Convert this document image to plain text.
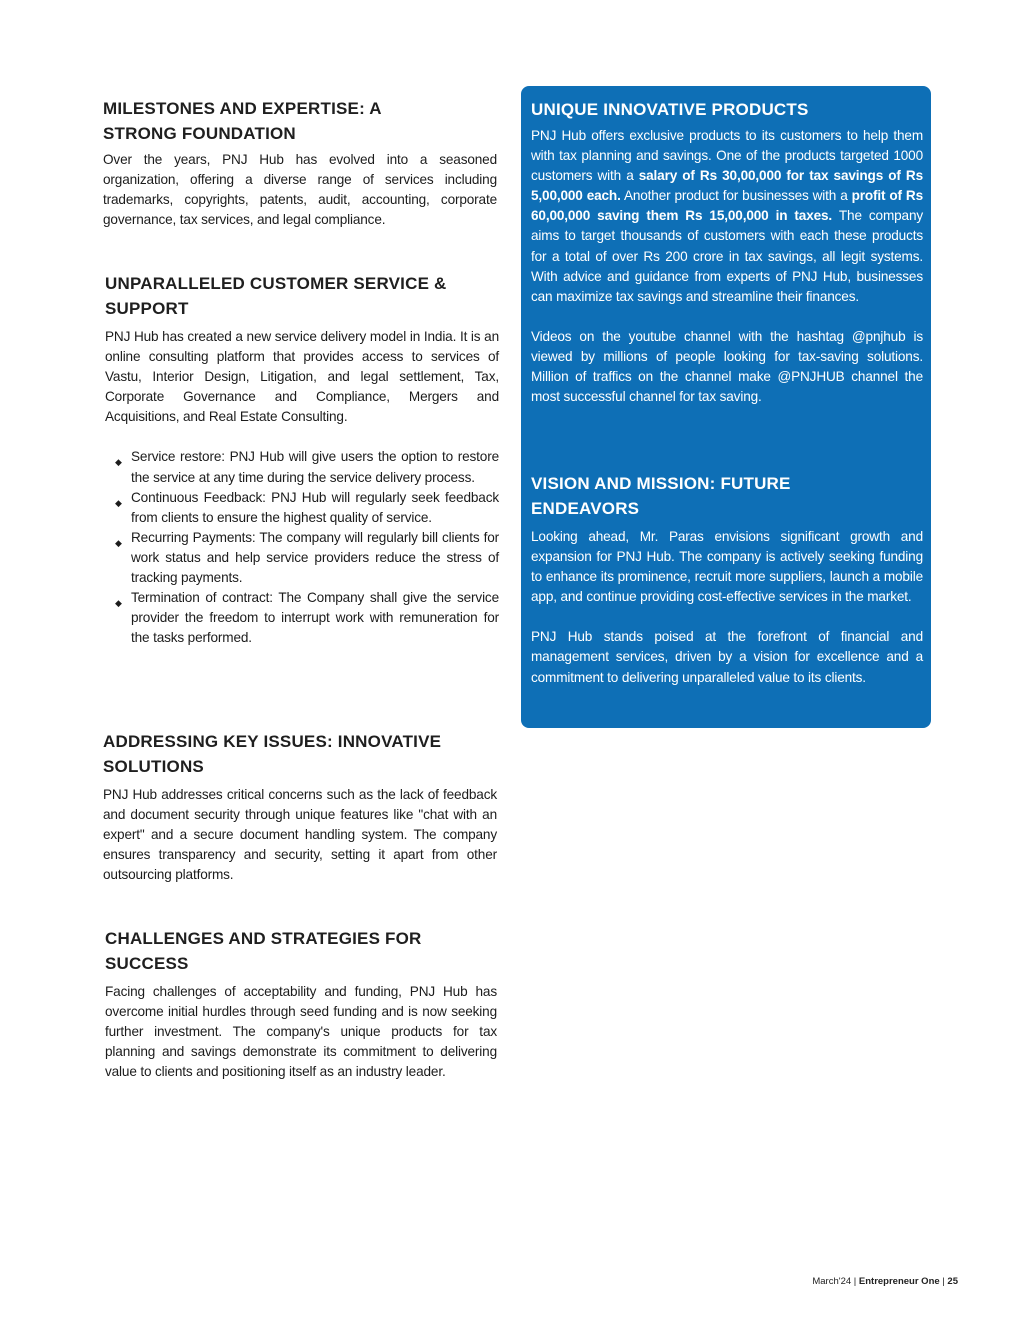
MILESTONES AND EXPERTISE: A
STRONG FOUNDATION

Over the years, PNJ Hub has evolved into a seasoned organization, offering a diverse range of services including trademarks, copyrights, patents, audit, accounting, corporate governance, tax services, and legal compliance.

UNPARALLELED CUSTOMER SERVICE &
SUPPORT

PNJ Hub has created a new service delivery model in India. It is an online consulting platform that provides access to services of Vastu, Interior Design, Litigation, and legal settlement, Tax, Corporate Governance and Compliance, Mergers and Acquisitions, and Real Estate Consulting.

◆ Service restore: PNJ Hub will give users the option to restore the service at any time during the service delivery process.
◆ Continuous Feedback: PNJ Hub will regularly seek feedback from clients to ensure the highest quality of service.
◆ Recurring Payments: The company will regularly bill clients for work status and help service providers reduce the stress of tracking payments.
◆ Termination of contract: The Company shall give the service provider the freedom to interrupt work with remuneration for the tasks performed.
ADDRESSING KEY ISSUES: INNOVATIVE
SOLUTIONS

PNJ Hub addresses critical concerns such as the lack of feedback and document security through unique features like "chat with an expert" and a secure document handling system. The company ensures transparency and security, setting it apart from other outsourcing platforms.

CHALLENGES AND STRATEGIES FOR
SUCCESS

Facing challenges of acceptability and funding, PNJ Hub has overcome initial hurdles through seed funding and is now seeking further investment. The company's unique products for tax planning and savings demonstrate its commitment to delivering value to clients and positioning itself as an industry leader.

UNIQUE INNOVATIVE PRODUCTS

PNJ Hub offers exclusive products to its customers to help them with tax planning and savings. One of the products targeted 1000 customers with a salary of Rs 30,00,000 for tax savings of Rs 5,00,000 each. Another product for businesses with a profit of Rs 60,00,000 saving them Rs 15,00,000 in taxes. The company aims to target thousands of customers with each these products for a total of over Rs 200 crore in tax savings, all legit systems. With advice and guidance from experts of PNJ Hub, businesses can maximize tax savings and streamline their finances.

Videos on the youtube channel with the hashtag @pnjhub is viewed by millions of people looking for tax-saving solutions. Million of traffics on the channel make @PNJHUB channel the most successful channel for tax saving.

VISION AND MISSION: FUTURE
ENDEAVORS

Looking ahead, Mr. Paras envisions significant growth and expansion for PNJ Hub. The company is actively seeking funding to enhance its prominence, recruit more suppliers, launch a mobile app, and continue providing cost-effective services in the market.

PNJ Hub stands poised at the forefront of financial and management services, driven by a vision for excellence and a commitment to delivering unparalleled value to its clients.

March'24 | Entrepreneur One | 25
